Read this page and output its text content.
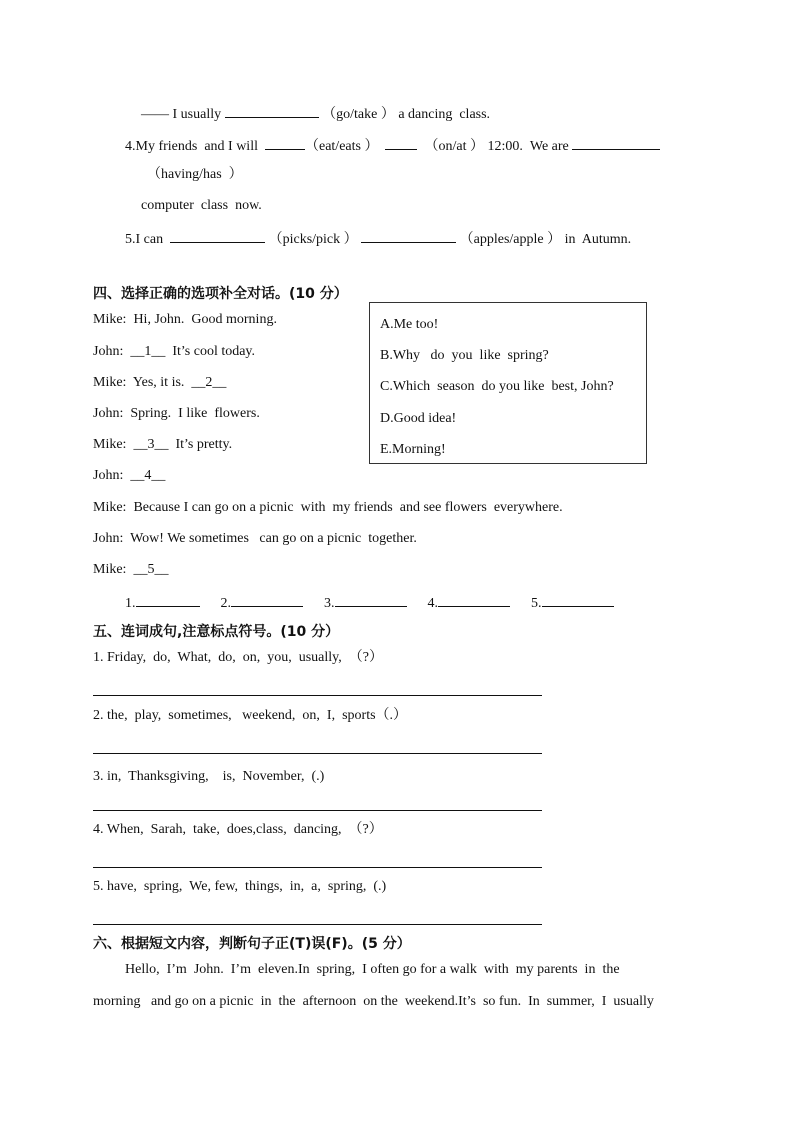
—— I usually	（go/take ） a dancing  class.
4.My friends  and I will	（eat/eats ）	（on/at ） 12:00.  We are
（having/has  ）
computer  class  now.
5.I can	（picks/pick ）	（apples/apple ） in  Autumn.
四、选择正确的选项补全对话。(10 分）
Mike:  Hi, John.  Good morning.
John:  __1__  It’s cool today.
Mike:  Yes, it is.  __2__
John:  Spring.  I like  flowers.
Mike:  __3__  It’s pretty.
John:  __4__
Mike:  Because I can go on a picnic  with  my friends  and see flowers  everywhere.
John:  Wow! We sometimes   can go on a picnic  together.
Mike:  __5__
A.Me too!
B.Why   do  you  like  spring?
C.Which  season  do you like  best, John?
D.Good idea!
E.Morning!
1.	2.	3.	4.	5.
五、连词成句,注意标点符号。(10 分）
1. Friday,  do,  What,  do,  on,  you,  usually,  （?）
2. the,  play,  sometimes,   weekend,  on,  I,  sports（.）
3. in,  Thanksgiving,    is,  November,  (.)
4. When,  Sarah,  take,  does,class,  dancing,  （?）
5. have,  spring,  We, few,  things,  in,  a,  spring,  (.)
六、根据短文内容，判断句子正(T)误(F)。(5 分）
Hello,  I’m  John.  I’m  eleven.In  spring,  I often go for a walk  with  my parents  in  the
morning   and go on a picnic  in  the  afternoon  on the  weekend.It’s  so fun.  In  summer,  I  usually
